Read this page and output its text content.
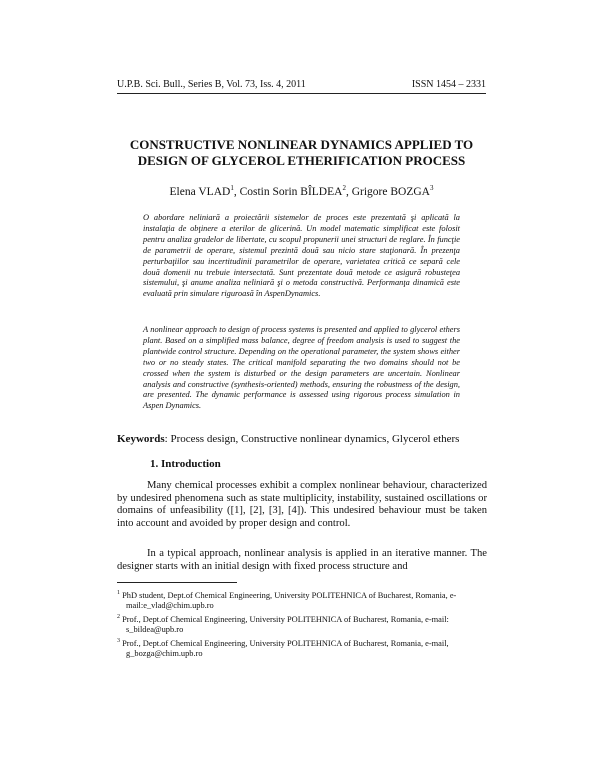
U.P.B. Sci. Bull., Series B, Vol. 73, Iss. 4, 2011	ISSN 1454 – 2331
CONSTRUCTIVE NONLINEAR DYNAMICS APPLIED TO
DESIGN OF GLYCEROL ETHERIFICATION PROCESS
Elena VLAD$^1$, Costin Sorin BÎLDEA$^2$, Grigore BOZGA$^3$

O abordare neliniară a proiectării sistemelor de proces este prezentată şi aplicată la instalaţia de obţinere a eterilor de glicerină. Un model matematic simplificat este folosit pentru analiza gradelor de libertate, cu scopul propunerii unei structuri de reglare. În funcţie de parametrii de operare, sistemul prezintă două sau niciо stare staţionară. În prezenţa perturbaţiilor sau incertitudinii parametrilor de operare, varietatea critică ce separă cele două domenii nu trebuie intersectată. Sunt prezentate două metode ce asigură robusteţea sistemului, şi anume analiza neliniară şi o metoda constructivă. Performanţa dinamică este evaluată prin simulare riguroasă în AspenDynamics.

A nonlinear approach to design of process systems is presented and applied to glycerol ethers plant. Based on a simplified mass balance, degree of freedom analysis is used to suggest the plantwide control structure. Depending on the operational parameter, the system shows either two or no steady states. The critical manifold separating the two domains should not be crossed when the system is disturbed or the design parameters are uncertain. Nonlinear analysis and constructive (synthesis-oriented) methods, ensuring the robustness of the design, are presented. The dynamic performance is assessed using rigorous process simulation in Aspen Dynamics.

Keywords: Process design, Constructive nonlinear dynamics, Glycerol ethers
1. Introduction

Many chemical processes exhibit a complex nonlinear behaviour, characterized by undesired phenomena such as state multiplicity, instability, sustained oscillations or domains of unfeasibility ([1], [2], [3], [4]). This undesired behaviour must be taken into account and avoided by proper design and control.

In a typical approach, nonlinear analysis is applied in an iterative manner. The designer starts with an initial design with fixed process structure and

$^1$ PhD student, Dept.of Chemical Engineering, University POLITEHNICA of Bucharest, Romania, e-mail:e_vlad@chim.upb.ro

$^2$ Prof., Dept.of Chemical Engineering, University POLITEHNICA of Bucharest, Romania, e-mail: s_bildea@upb.ro

$^3$ Prof., Dept.of Chemical Engineering, University POLITEHNICA of Bucharest, Romania, e-mail, g_bozga@chim.upb.ro
